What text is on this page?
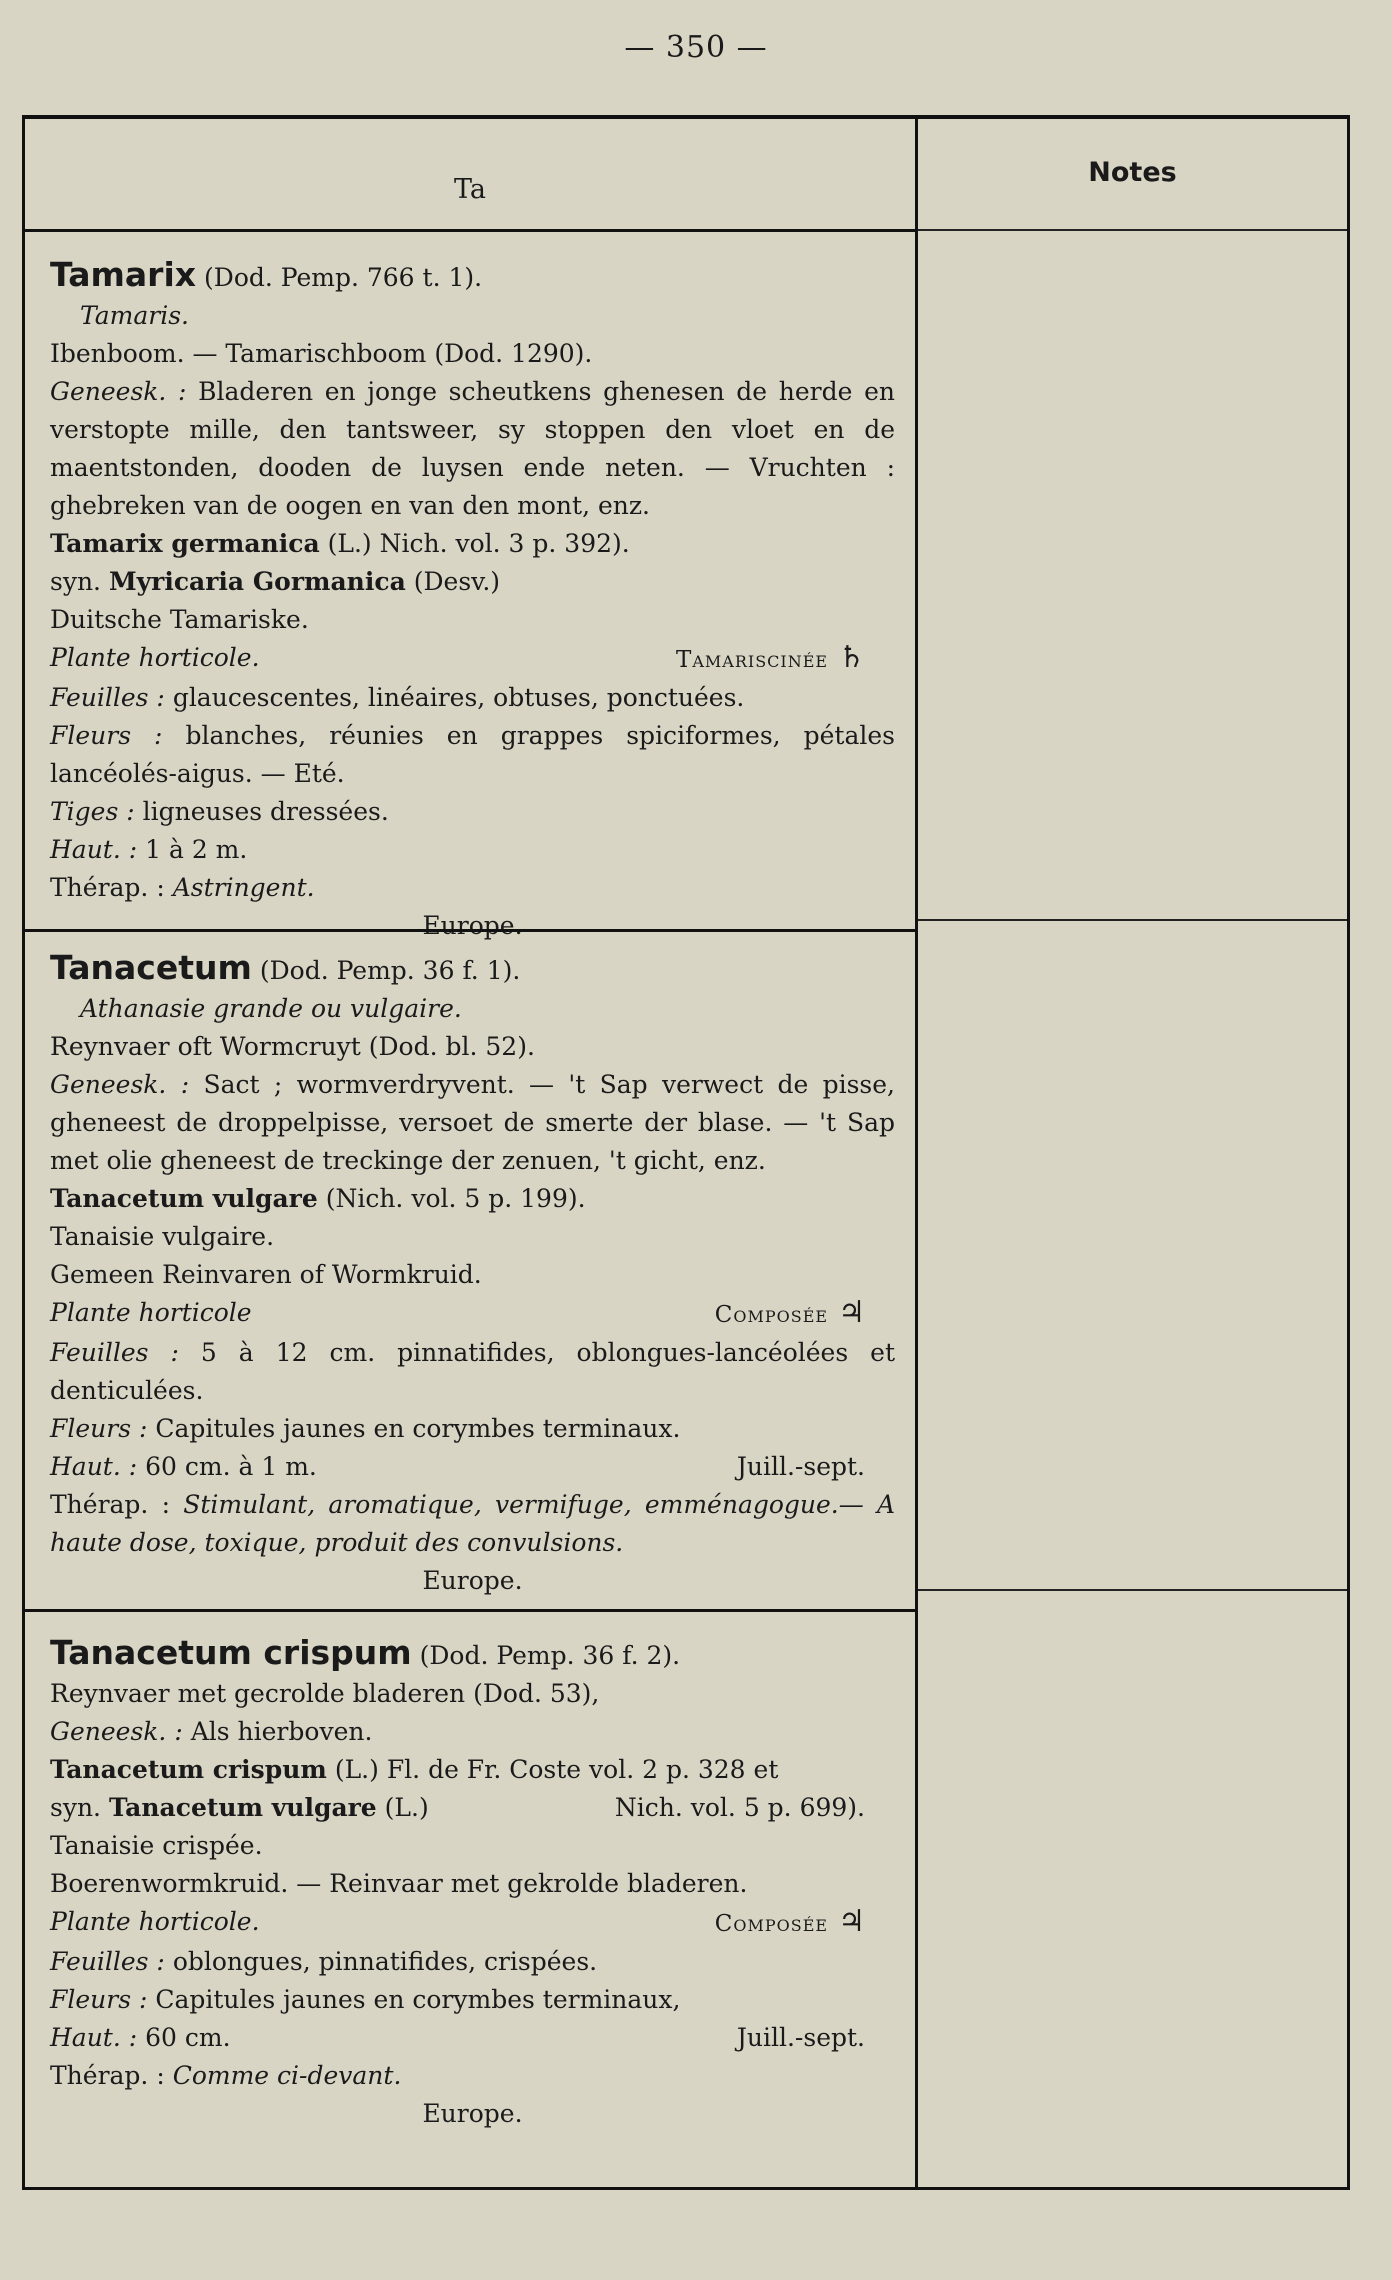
— 350 —
Ta
Notes

Tamarix (Dod. Pemp. 766 t. 1).

Tamaris.

Ibenboom. — Tamarischboom (Dod. 1290).

Geneesk. : Bladeren en jonge scheutkens ghenesen de herde en verstopte mille, den tantsweer, sy stoppen den vloet en de maentstonden, dooden de luysen ende neten. — Vruchten : ghebreken van de oogen en van den mont, enz.

Tamarix germanica (L.) Nich. vol. 3 p. 392).

syn. Myricaria Gormanica (Desv.)

Duitsche Tamariske.

Plante horticole.	Tamariscinée ♄

Feuilles : glaucescentes, linéaires, obtuses, ponctuées.

Fleurs : blanches, réunies en grappes spiciformes, pétales lancéolés-aigus. — Eté.

Tiges : ligneuses dressées.

Haut. : 1 à 2 m.

Thérap. : Astringent.

Europe.

Tanacetum (Dod. Pemp. 36 f. 1).

Athanasie grande ou vulgaire.

Reynvaer oft Wormcruyt (Dod. bl. 52).

Geneesk. : Sact ; wormverdryvent. — 't Sap verwect de pisse, gheneest de droppelpisse, versoet de smerte der blase. — 't Sap met olie gheneest de treckinge der zenuen, 't gicht, enz.

Tanacetum vulgare (Nich. vol. 5 p. 199).

Tanaisie vulgaire.

Gemeen Reinvaren of Wormkruid.

Plante horticole	Composée ♃

Feuilles : 5 à 12 cm. pinnatifides, oblongues-lancéolées et denticulées.

Fleurs : Capitules jaunes en corymbes terminaux.

Haut. : 60 cm. à 1 m.	Juill.-sept.

Thérap. : Stimulant, aromatique, vermifuge, emménagogue.— A haute dose, toxique, produit des convulsions.

Europe.

Tanacetum crispum (Dod. Pemp. 36 f. 2).

Reynvaer met gecrolde bladeren (Dod. 53),

Geneesk. : Als hierboven.

Tanacetum crispum (L.) Fl. de Fr. Coste vol. 2 p. 328 et

syn. Tanacetum vulgare (L.)	Nich. vol. 5 p. 699).

Tanaisie crispée.

Boerenwormkruid. — Reinvaar met gekrolde bladeren.

Plante horticole.	Composée ♃

Feuilles : oblongues, pinnatifides, crispées.

Fleurs : Capitules jaunes en corymbes terminaux,

Haut. : 60 cm.	Juill.-sept.

Thérap. : Comme ci-devant.

Europe.
